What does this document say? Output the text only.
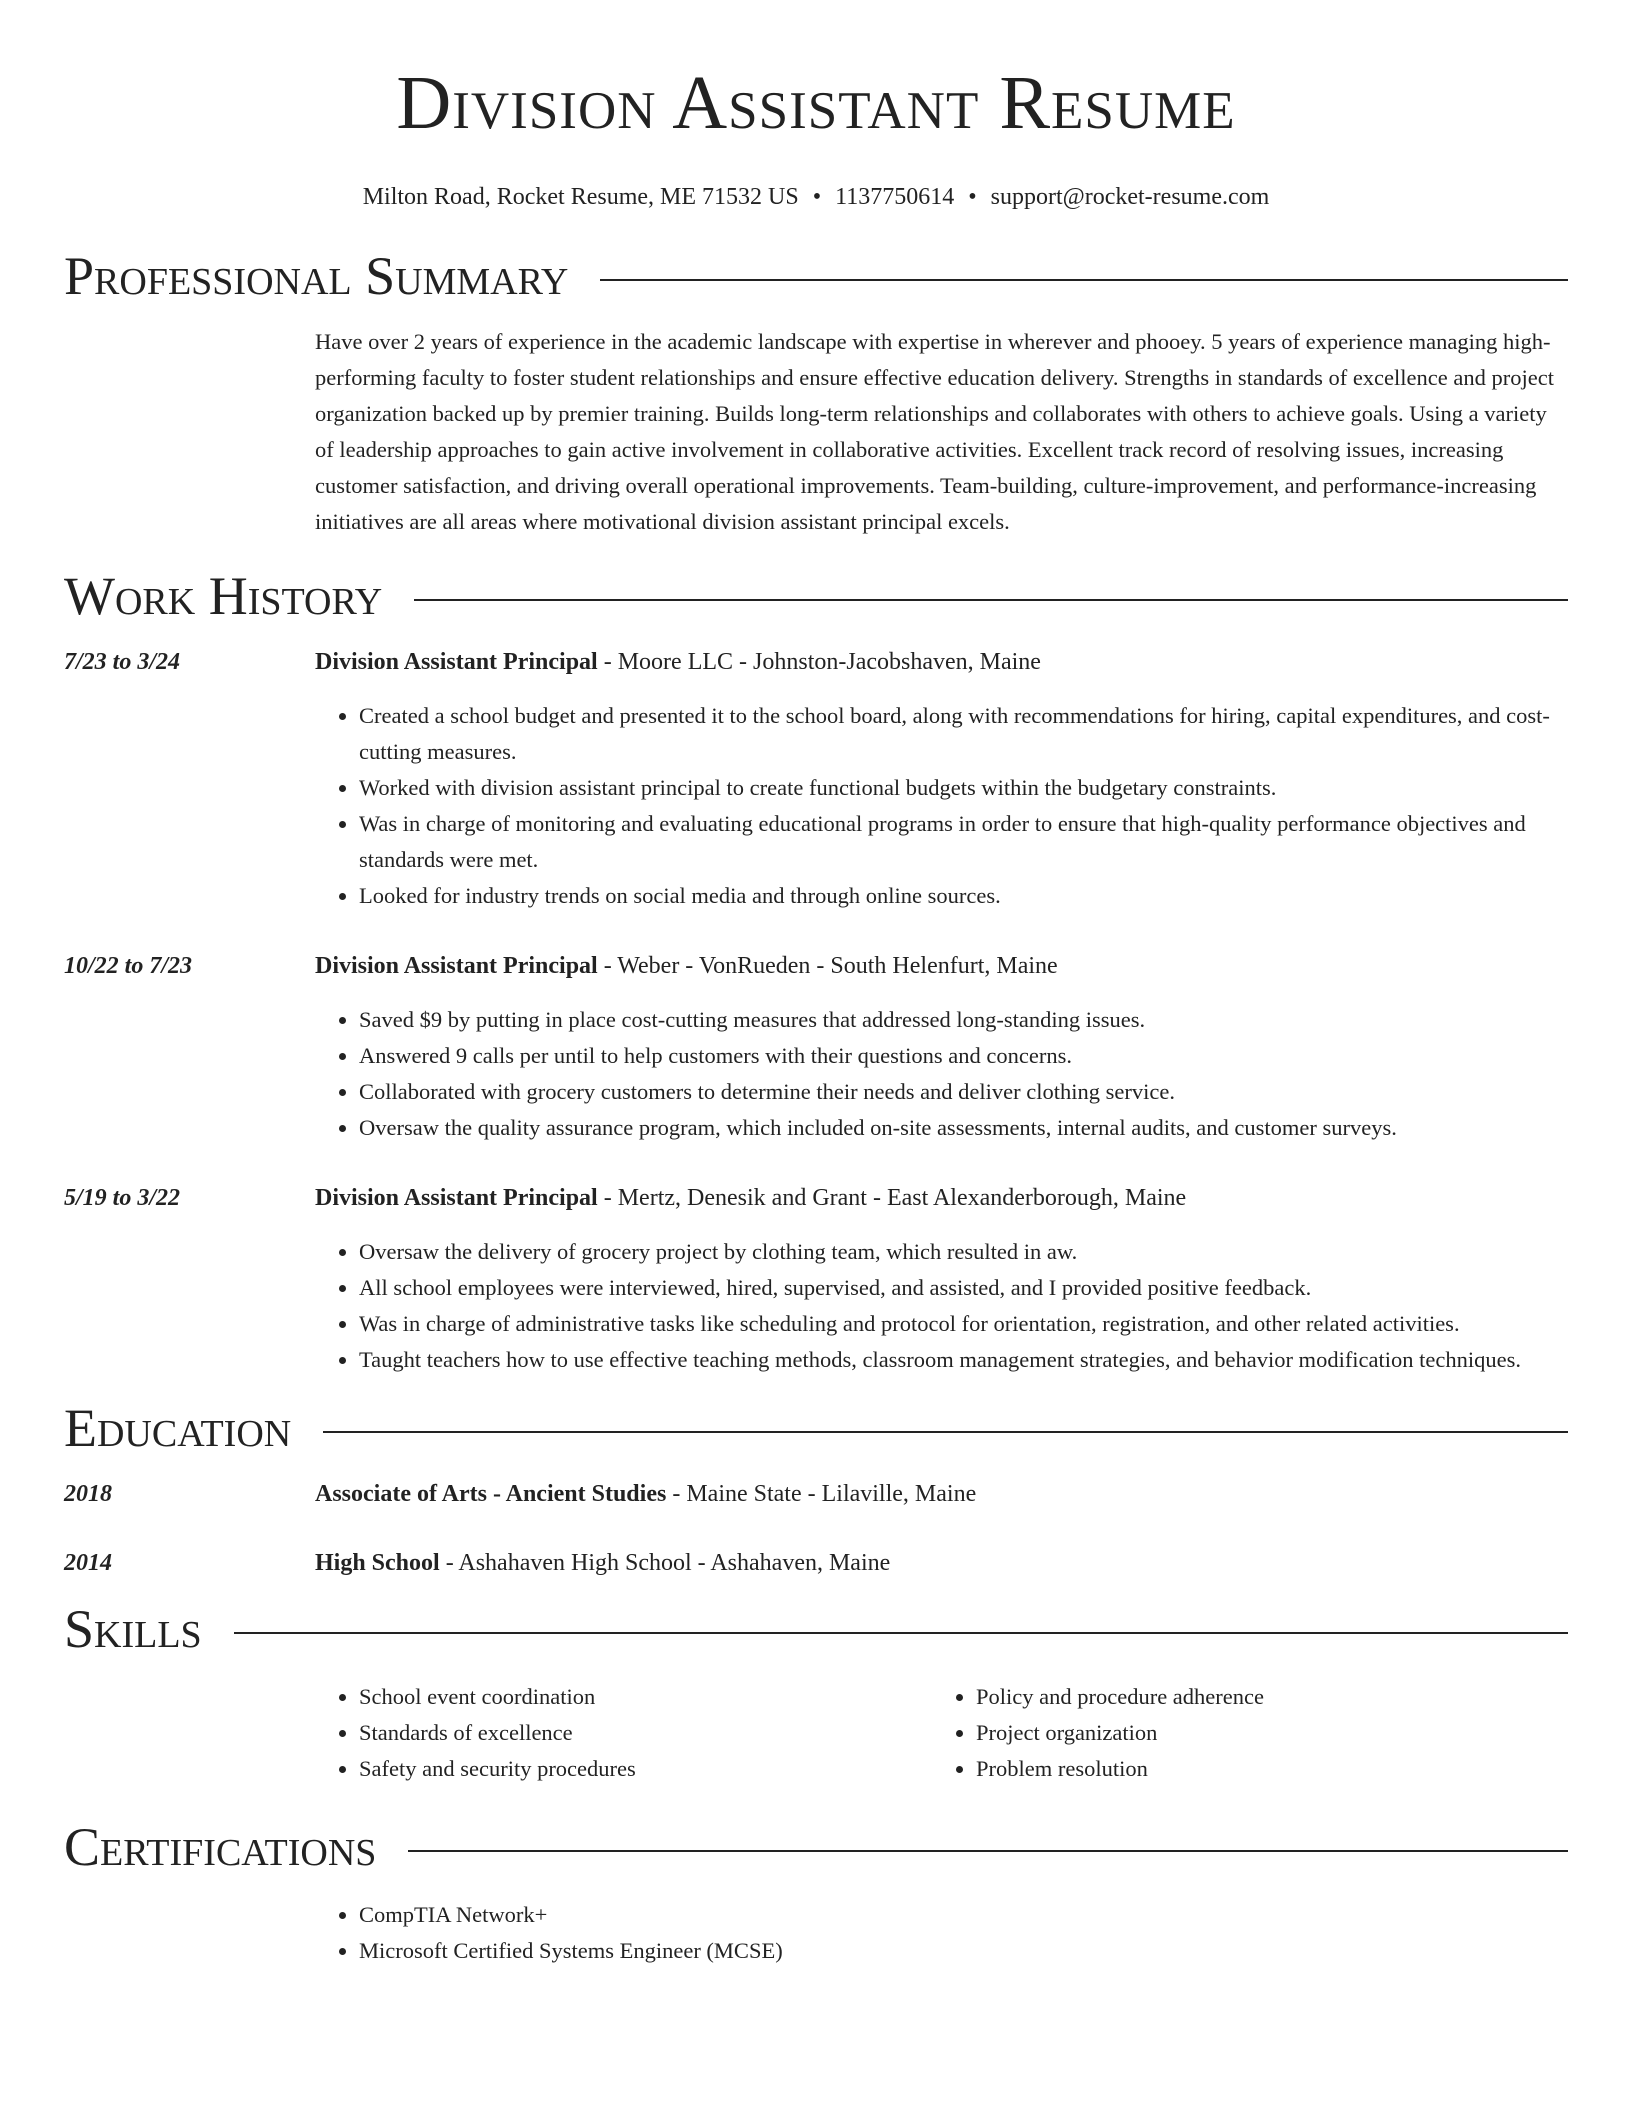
Division Assistant Resume
Milton Road, Rocket Resume, ME 71532 US • 1137750614 • support@rocket-resume.com
Professional Summary
Have over 2 years of experience in the academic landscape with expertise in wherever and phooey. 5 years of experience managing high-performing faculty to foster student relationships and ensure effective education delivery. Strengths in standards of excellence and project organization backed up by premier training. Builds long-term relationships and collaborates with others to achieve goals. Using a variety of leadership approaches to gain active involvement in collaborative activities. Excellent track record of resolving issues, increasing customer satisfaction, and driving overall operational improvements. Team-building, culture-improvement, and performance-increasing initiatives are all areas where motivational division assistant principal excels.
Work History
7/23 to 3/24	Division Assistant Principal - Moore LLC - Johnston-Jacobshaven, Maine
• Created a school budget and presented it to the school board, along with recommendations for hiring, capital expenditures, and cost-cutting measures.
• Worked with division assistant principal to create functional budgets within the budgetary constraints.
• Was in charge of monitoring and evaluating educational programs in order to ensure that high-quality performance objectives and standards were met.
• Looked for industry trends on social media and through online sources.
10/22 to 7/23	Division Assistant Principal - Weber - VonRueden - South Helenfurt, Maine
• Saved $9 by putting in place cost-cutting measures that addressed long-standing issues.
• Answered 9 calls per until to help customers with their questions and concerns.
• Collaborated with grocery customers to determine their needs and deliver clothing service.
• Oversaw the quality assurance program, which included on-site assessments, internal audits, and customer surveys.
5/19 to 3/22	Division Assistant Principal - Mertz, Denesik and Grant - East Alexanderborough, Maine
• Oversaw the delivery of grocery project by clothing team, which resulted in aw.
• All school employees were interviewed, hired, supervised, and assisted, and I provided positive feedback.
• Was in charge of administrative tasks like scheduling and protocol for orientation, registration, and other related activities.
• Taught teachers how to use effective teaching methods, classroom management strategies, and behavior modification techniques.
Education
2018	Associate of Arts - Ancient Studies - Maine State - Lilaville, Maine
2014	High School - Ashahaven High School - Ashahaven, Maine
Skills
• School event coordination
• Standards of excellence
• Safety and security procedures
• Policy and procedure adherence
• Project organization
• Problem resolution
Certifications
• CompTIA Network+
• Microsoft Certified Systems Engineer (MCSE)
